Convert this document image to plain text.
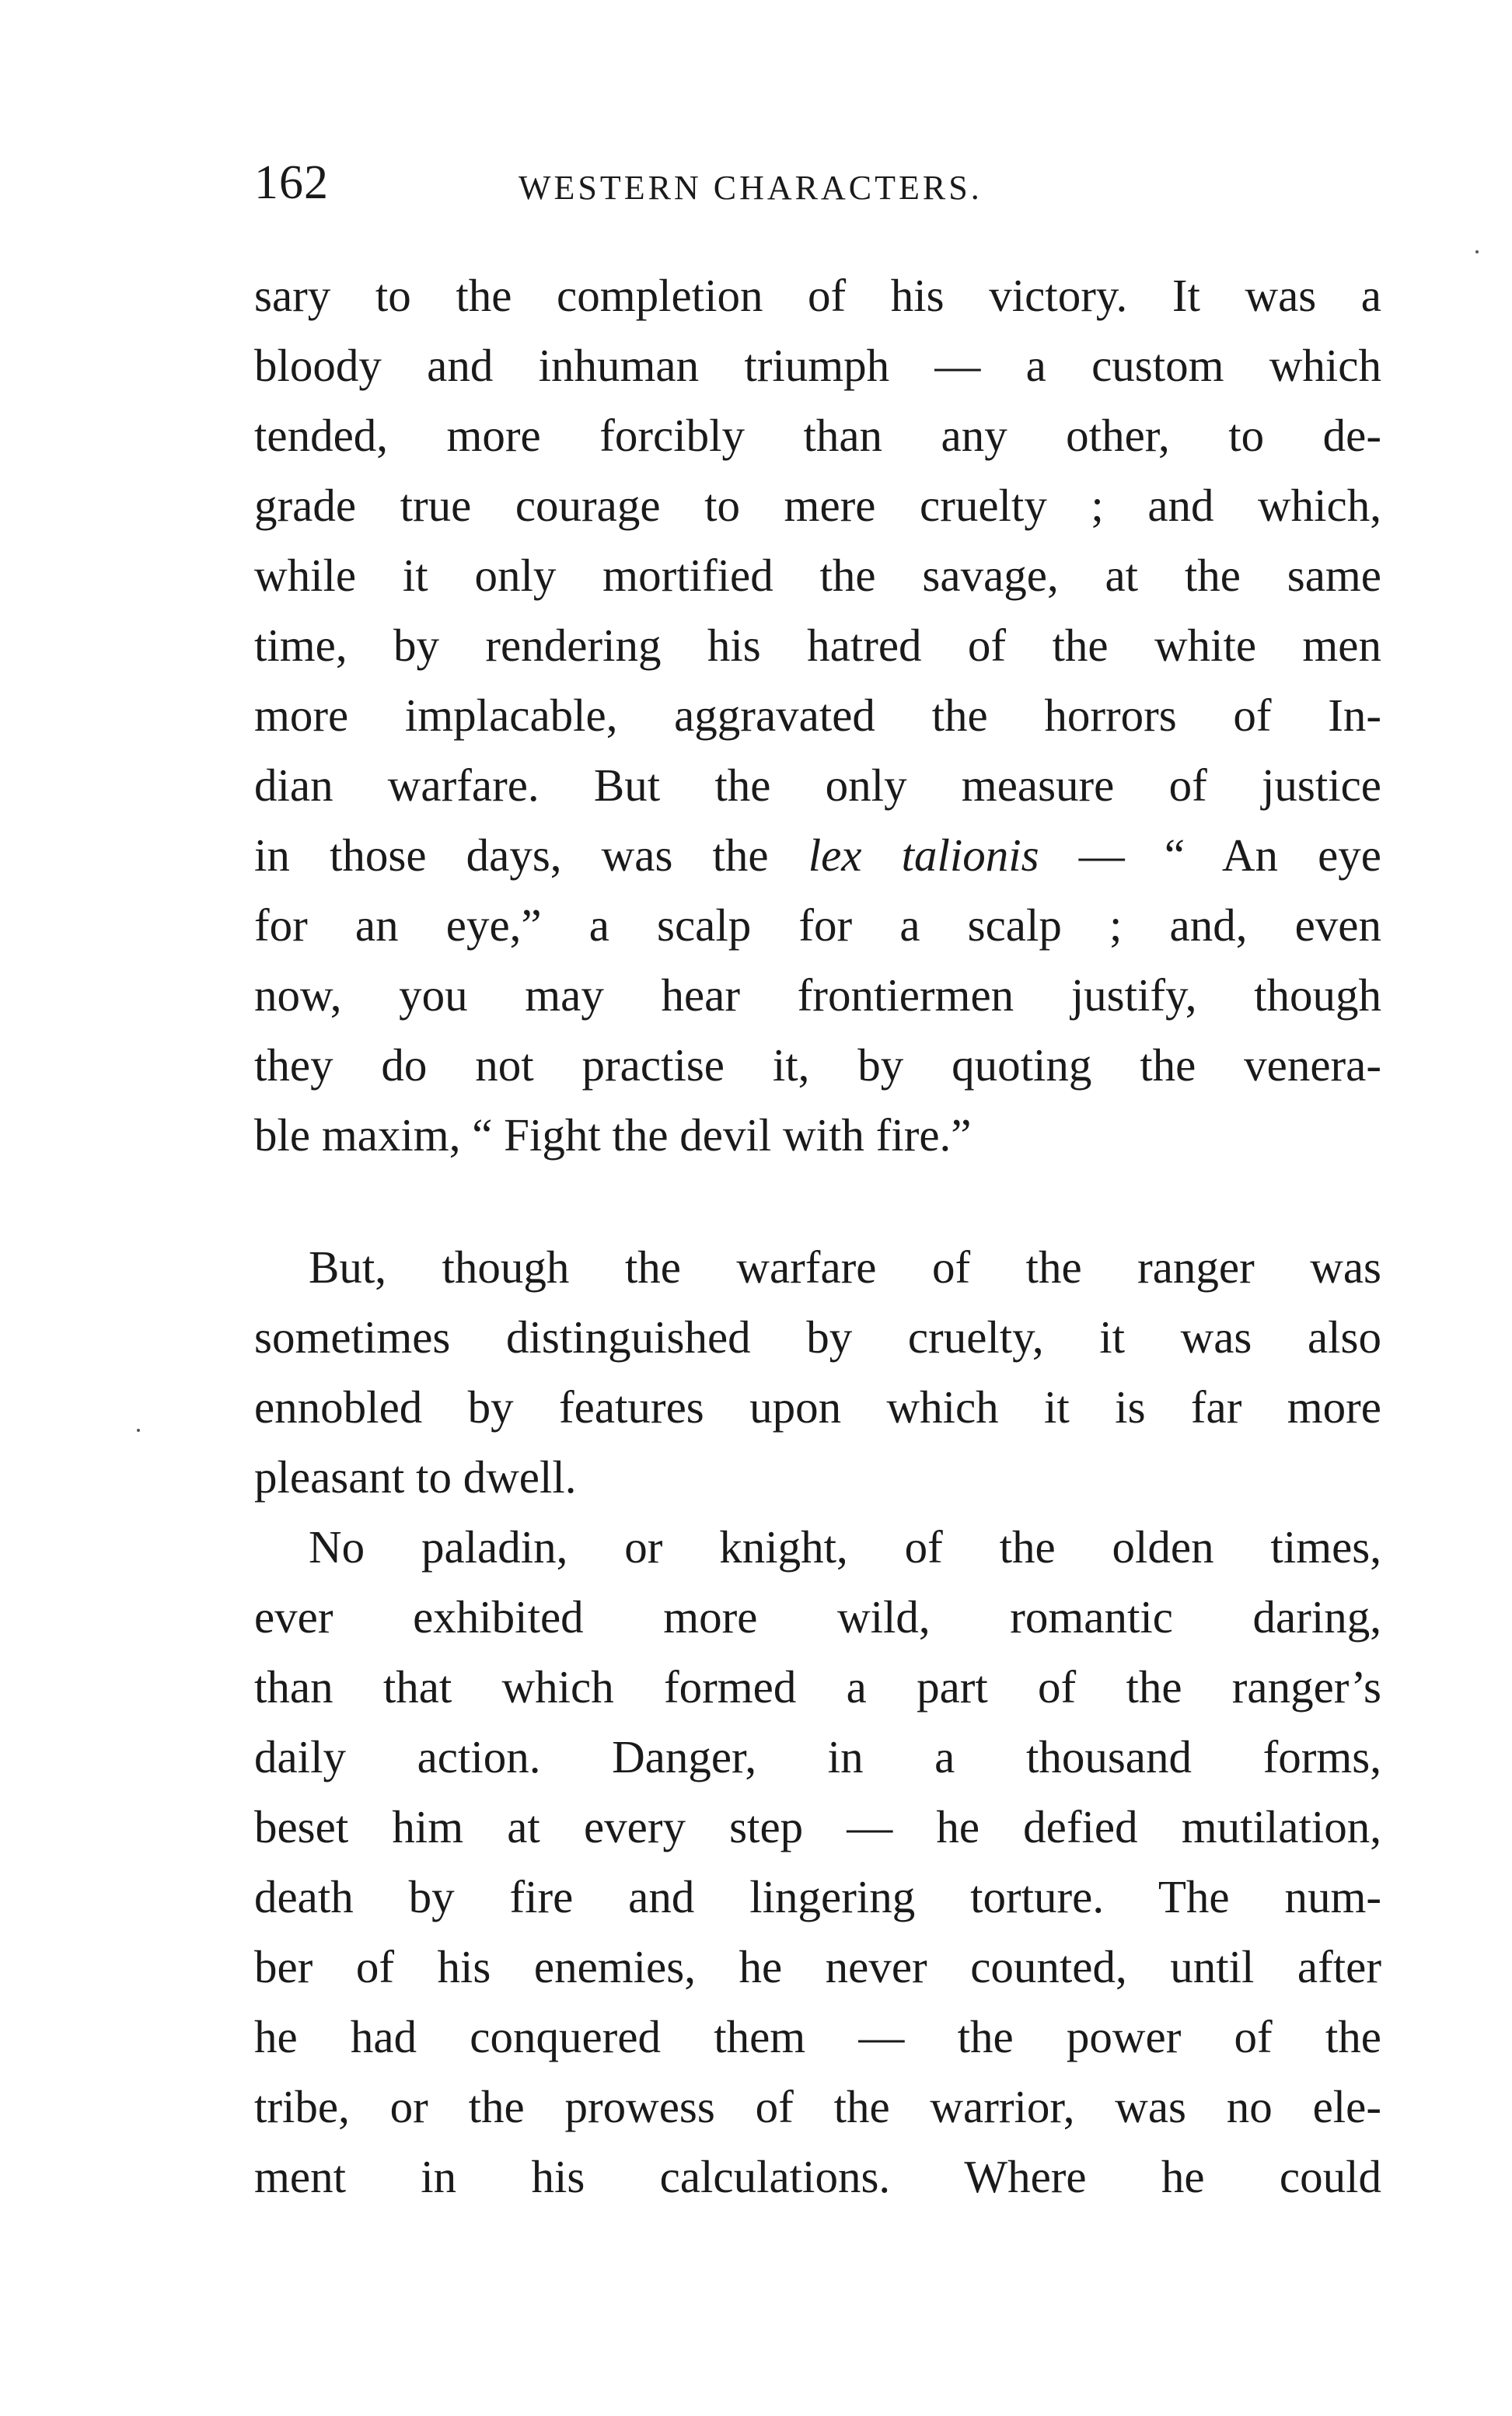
162	WESTERN CHARACTERS.
sary to the completion of his victory. It was a
bloody and inhuman triumph — a custom which
tended, more forcibly than any other, to de-
grade true courage to mere cruelty ; and which,
while it only mortified the savage, at the same
time, by rendering his hatred of the white men
more implacable, aggravated the horrors of In-
dian warfare. But the only measure of justice
in those days, was the lex talionis — “ An eye
for an eye,” a scalp for a scalp ; and, even
now, you may hear frontiermen justify, though
they do not practise it, by quoting the venera-
ble maxim, “ Fight the devil with fire.”
But, though the warfare of the ranger was
sometimes distinguished by cruelty, it was also
ennobled by features upon which it is far more
pleasant to dwell.
No paladin, or knight, of the olden times,
ever exhibited more wild, romantic daring,
than that which formed a part of the ranger’s
daily action. Danger, in a thousand forms,
beset him at every step — he defied mutilation,
death by fire and lingering torture. The num-
ber of his enemies, he never counted, until after
he had conquered them — the power of the
tribe, or the prowess of the warrior, was no ele-
ment in his calculations. Where he could
